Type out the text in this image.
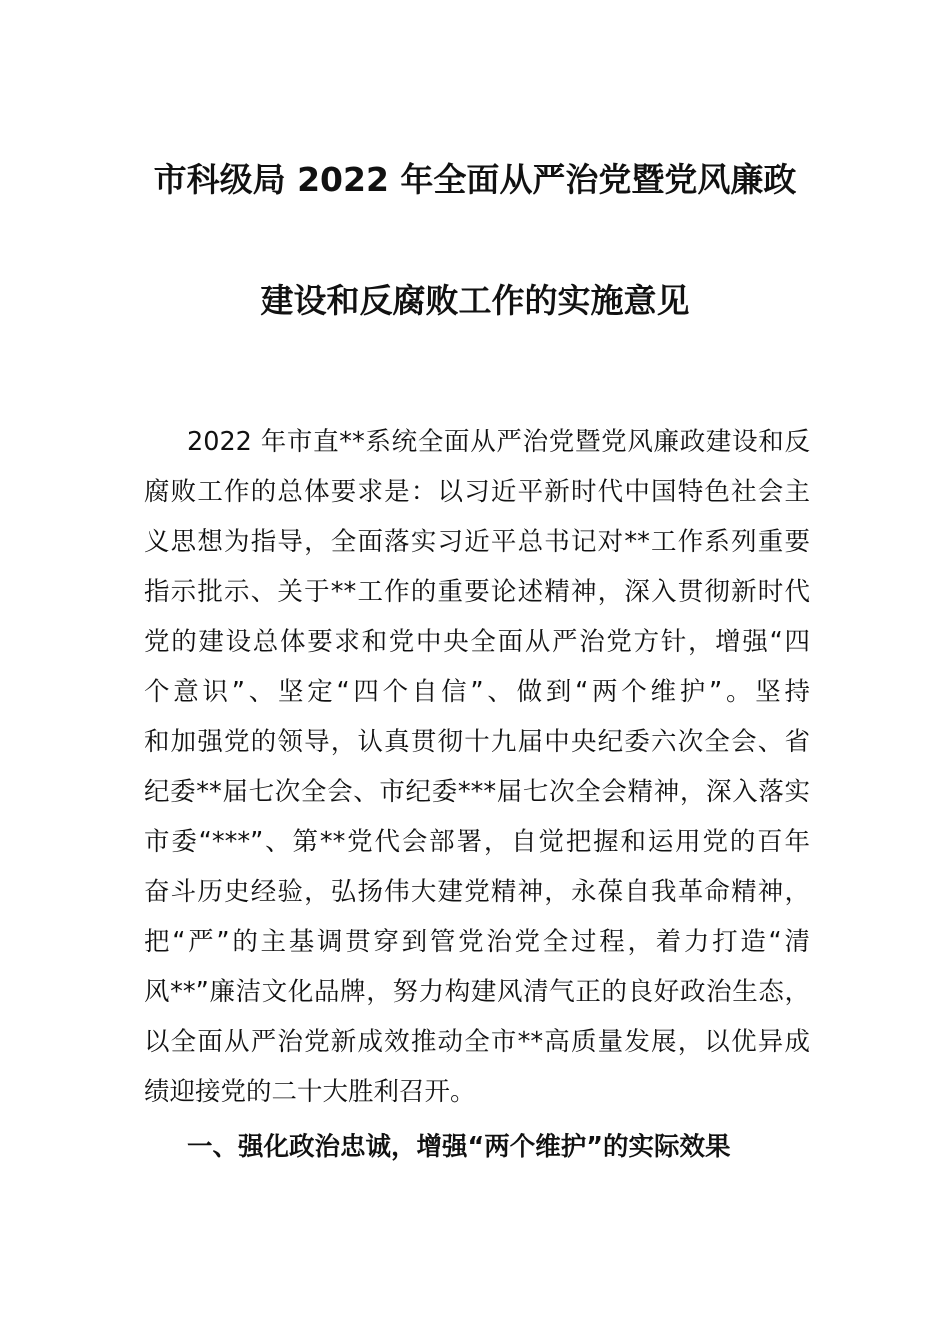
市科级局 2022 年全面从严治党暨党风廉政
建设和反腐败工作的实施意见
2022 年市直**系统全面从严治党暨党风廉政建设和反
腐败工作的总体要求是：以习近平新时代中国特色社会主
义思想为指导，全面落实习近平总书记对**工作系列重要
指示批示、关于**工作的重要论述精神，深入贯彻新时代
党的建设总体要求和党中央全面从严治党方针，增强“四
个意识”、坚定“四个自信”、做到“两个维护”。坚持
和加强党的领导，认真贯彻十九届中央纪委六次全会、省
纪委**届七次全会、市纪委***届七次全会精神，深入落实
市委“***”、第**党代会部署，自觉把握和运用党的百年
奋斗历史经验，弘扬伟大建党精神，永葆自我革命精神，
把“严”的主基调贯穿到管党治党全过程，着力打造“清
风**”廉洁文化品牌，努力构建风清气正的良好政治生态，
以全面从严治党新成效推动全市**高质量发展，以优异成
绩迎接党的二十大胜利召开。
一、强化政治忠诚，增强“两个维护”的实际效果
